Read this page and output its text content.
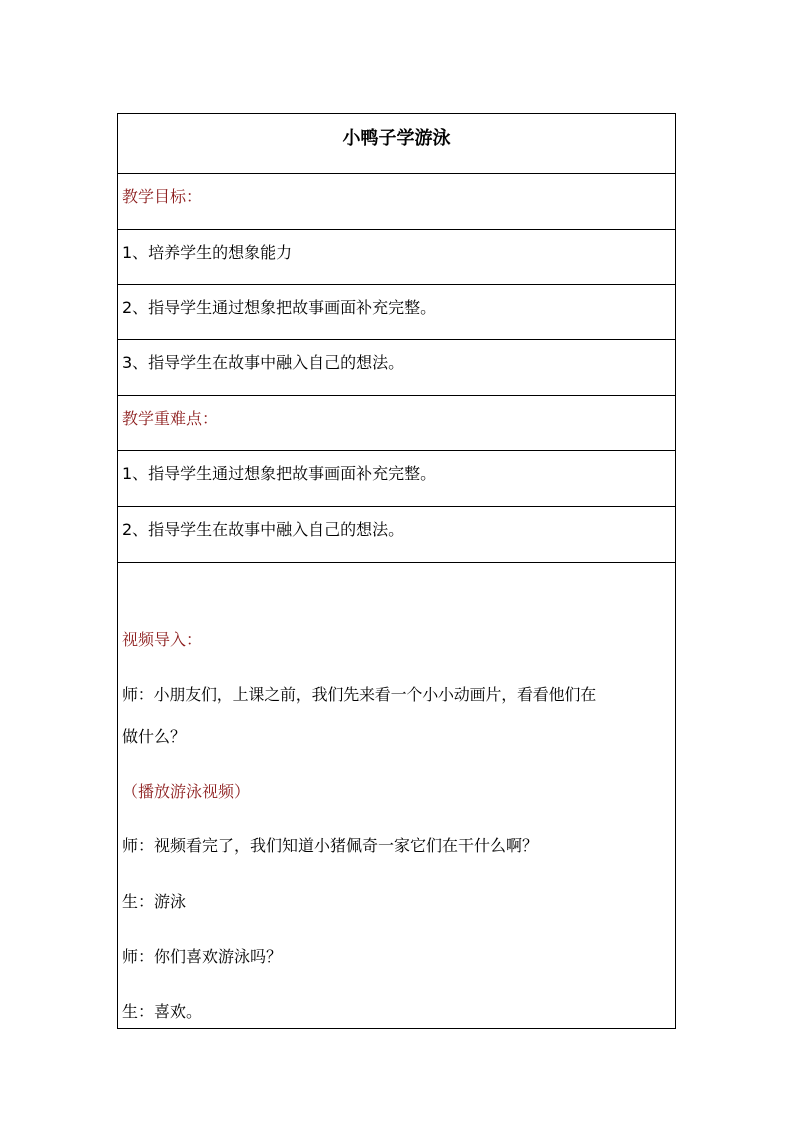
小鸭子学游泳
教学目标：
1、培养学生的想象能力
2、指导学生通过想象把故事画面补充完整。
3、指导学生在故事中融入自己的想法。
教学重难点：
1、指导学生通过想象把故事画面补充完整。
2、指导学生在故事中融入自己的想法。
视频导入：
师：小朋友们，上课之前，我们先来看一个小小动画片，看看他们在
做什么？
（播放游泳视频）
师：视频看完了，我们知道小猪佩奇一家它们在干什么啊？
生：游泳
师：你们喜欢游泳吗？
生：喜欢。
